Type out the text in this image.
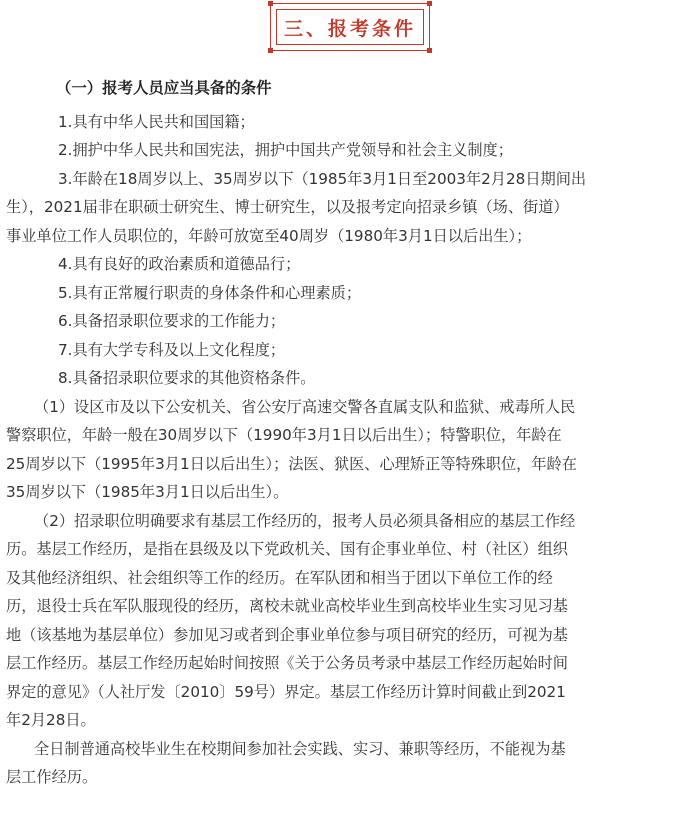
三、报考条件

（一）报考人员应当具备的条件

1.具有中华人民共和国国籍；

2.拥护中华人民共和国宪法，拥护中国共产党领导和社会主义制度；

3.年龄在18周岁以上、35周岁以下（1985年3月1日至2003年2月28日期间出

生），2021届非在职硕士研究生、博士研究生，以及报考定向招录乡镇（场、街道）

事业单位工作人员职位的，年龄可放宽至40周岁（1980年3月1日以后出生）；

4.具有良好的政治素质和道德品行；

5.具有正常履行职责的身体条件和心理素质；

6.具备招录职位要求的工作能力；

7.具有大学专科及以上文化程度；

8.具备招录职位要求的其他资格条件。

（1）设区市及以下公安机关、省公安厅高速交警各直属支队和监狱、戒毒所人民

警察职位，年龄一般在30周岁以下（1990年3月1日以后出生）；特警职位，年龄在

25周岁以下（1995年3月1日以后出生）；法医、狱医、心理矫正等特殊职位，年龄在

35周岁以下（1985年3月1日以后出生）。

（2）招录职位明确要求有基层工作经历的，报考人员必须具备相应的基层工作经

历。基层工作经历，是指在县级及以下党政机关、国有企事业单位、村（社区）组织

及其他经济组织、社会组织等工作的经历。在军队团和相当于团以下单位工作的经

历，退役士兵在军队服现役的经历，离校未就业高校毕业生到高校毕业生实习见习基

地（该基地为基层单位）参加见习或者到企事业单位参与项目研究的经历，可视为基

层工作经历。基层工作经历起始时间按照《关于公务员考录中基层工作经历起始时间

界定的意见》（人社厅发〔2010〕59号）界定。基层工作经历计算时间截止到2021

年2月28日。

全日制普通高校毕业生在校期间参加社会实践、实习、兼职等经历，不能视为基

层工作经历。
